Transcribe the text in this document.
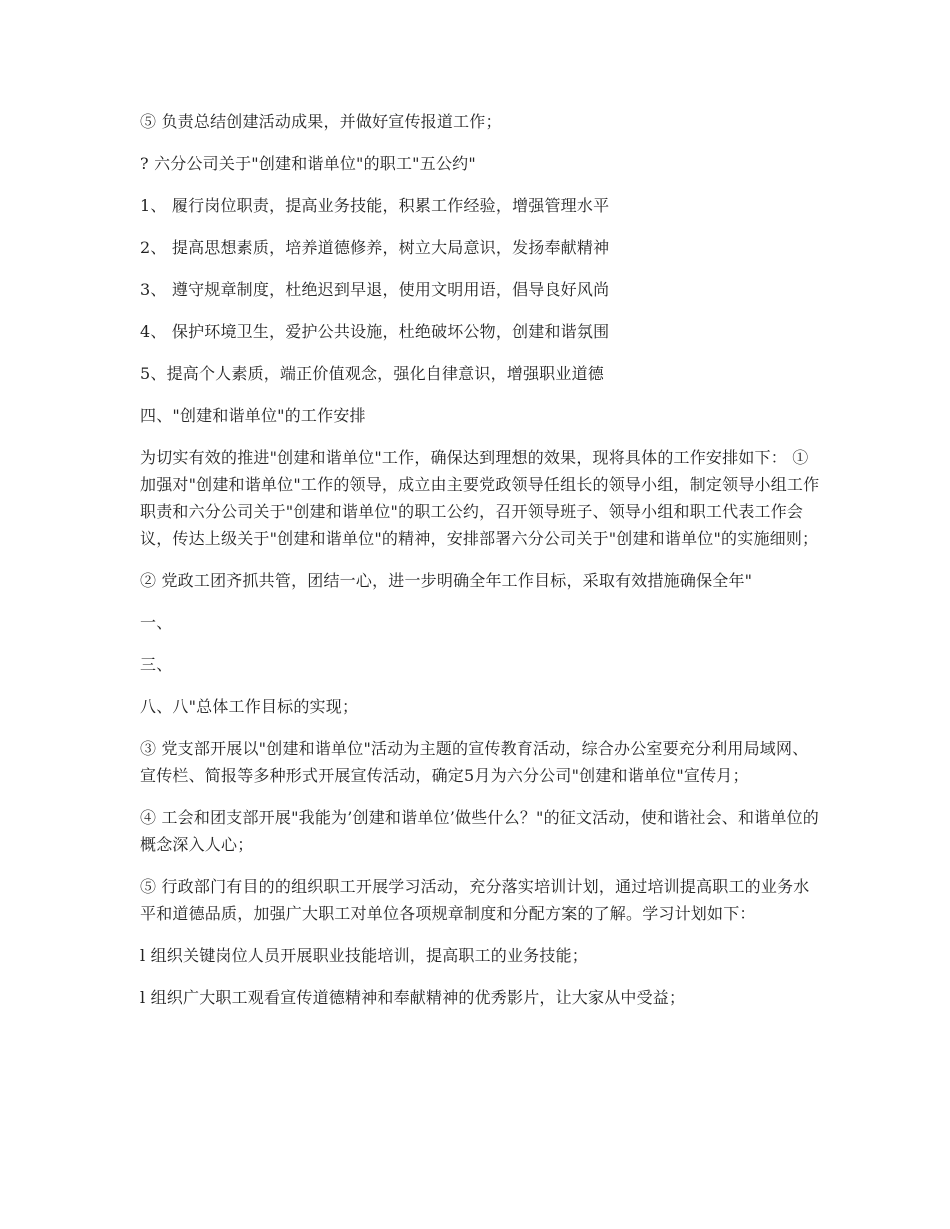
⑤ 负责总结创建活动成果，并做好宣传报道工作；

? 六分公司关于"创建和谐单位"的职工"五公约"

1、 履行岗位职责，提高业务技能，积累工作经验，增强管理水平

2、 提高思想素质，培养道德修养，树立大局意识，发扬奉献精神

3、 遵守规章制度，杜绝迟到早退，使用文明用语，倡导良好风尚

4、 保护环境卫生，爱护公共设施，杜绝破坏公物，创建和谐氛围

5、提高个人素质，端正价值观念，强化自律意识，增强职业道德

四、"创建和谐单位"的工作安排

为切实有效的推进"创建和谐单位"工作，确保达到理想的效果，现将具体的工作安排如下： ① 加强对"创建和谐单位"工作的领导，成立由主要党政领导任组长的领导小组，制定领导小组工作职责和六分公司关于"创建和谐单位"的职工公约，召开领导班子、领导小组和职工代表工作会议，传达上级关于"创建和谐单位"的精神，安排部署六分公司关于"创建和谐单位"的实施细则；

② 党政工团齐抓共管，团结一心，进一步明确全年工作目标，采取有效措施确保全年"

一、

三、

八、八"总体工作目标的实现；

③ 党支部开展以"创建和谐单位"活动为主题的宣传教育活动，综合办公室要充分利用局域网、宣传栏、简报等多种形式开展宣传活动，确定5月为六分公司"创建和谐单位"宣传月；

④ 工会和团支部开展"我能为’创建和谐单位’做些什么？"的征文活动，使和谐社会、和谐单位的概念深入人心；

⑤ 行政部门有目的的组织职工开展学习活动，充分落实培训计划，通过培训提高职工的业务水平和道德品质，加强广大职工对单位各项规章制度和分配方案的了解。学习计划如下：

l 组织关键岗位人员开展职业技能培训，提高职工的业务技能；

l 组织广大职工观看宣传道德精神和奉献精神的优秀影片，让大家从中受益；
